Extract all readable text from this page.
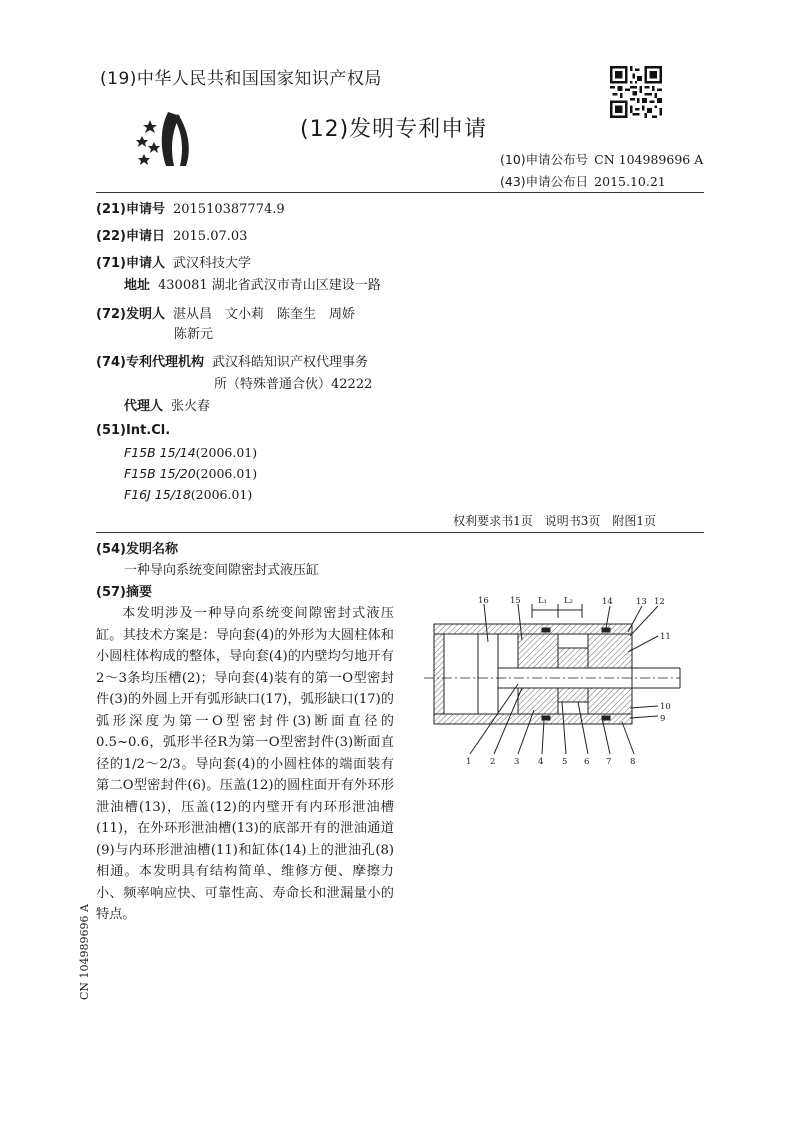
(19)中华人民共和国国家知识产权局
(12)发明专利申请
(10)申请公布号 CN 104989696 A
(43)申请公布日 2015.10.21
(21)申请号 201510387774.9
(22)申请日 2015.07.03
(71)申请人 武汉科技大学
地址 430081 湖北省武汉市青山区建设一路
(72)发明人 湛从昌　文小莉　陈奎生　周娇
陈新元
(74)专利代理机构 武汉科皓知识产权代理事务
所（特殊普通合伙）42222
代理人 张火春
(51)Int.Cl.
F15B 15/14(2006.01)
F15B 15/20(2006.01)
F16J 15/18(2006.01)
权利要求书1页　说明书3页　附图1页
(54)发明名称
一种导向系统变间隙密封式液压缸
(57)摘要
本发明涉及一种导向系统变间隙密封式液压缸。其技术方案是：导向套(4)的外形为大圆柱体和小圆柱体构成的整体，导向套(4)的内壁均匀地开有2～3条均压槽(2)；导向套(4)装有的第一O型密封件(3)的外圆上开有弧形缺口(17)，弧形缺口(17)的弧形深度为第一O型密封件(3)断面直径的0.5~0.6，弧形半径R为第一O型密封件(3)断面直径的1/2～2/3。导向套(4)的小圆柱体的端面装有第二O型密封件(6)。压盖(12)的圆柱面开有外环形泄油槽(13)，压盖(12)的内壁开有内环形泄油槽(11)，在外环形泄油槽(13)的底部开有的泄油通道(9)与内环形泄油槽(11)和缸体(14)上的泄油孔(8)相通。本发明具有结构简单、维修方便、摩擦力小、频率响应快、可靠性高、寿命长和泄漏量小的特点。
16 15 L₁ L₂	14	13 12
11
10
9
1 2 3 4 5 6 7 8
CN 104989696 A
